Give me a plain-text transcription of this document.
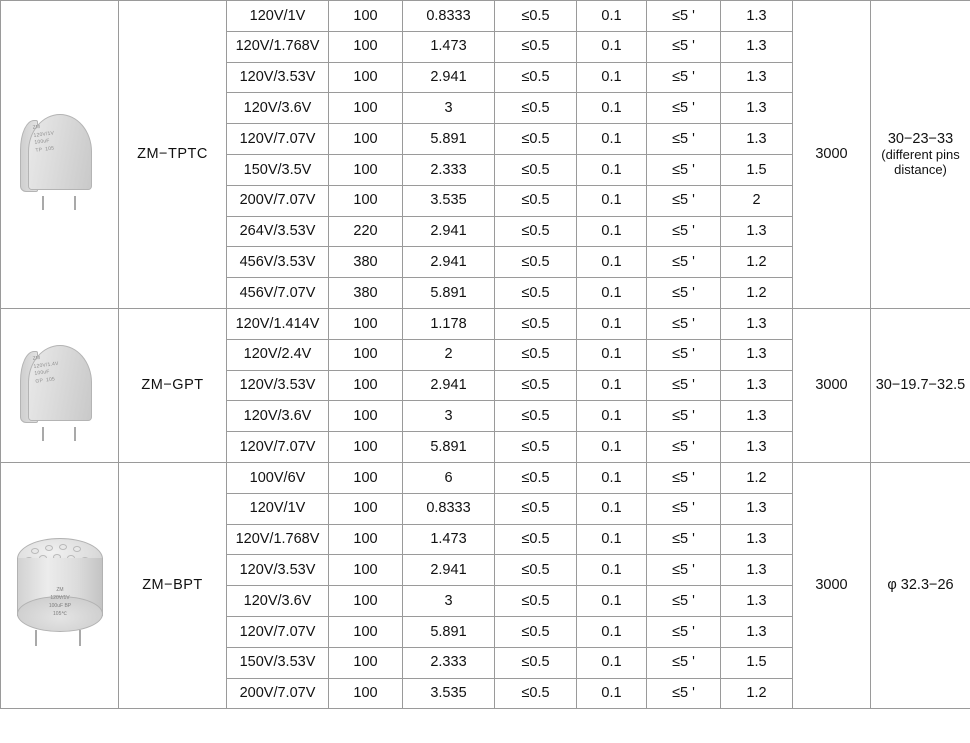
ZM
120V/1V
100uF
TP  105	ZM−TPTC	120V/1V	100	0.8333	≤0.5	0.1	≤5 '	1.3	3000	30−23−33
(different pins distance)

		120V/1.768V	100	1.473	≤0.5	0.1	≤5 '	1.3		
		120V/3.53V	100	2.941	≤0.5	0.1	≤5 '	1.3		
		120V/3.6V	100	3	≤0.5	0.1	≤5 '	1.3		
		120V/7.07V	100	5.891	≤0.5	0.1	≤5 '	1.3		
		150V/3.5V	100	2.333	≤0.5	0.1	≤5 '	1.5		
		200V/7.07V	100	3.535	≤0.5	0.1	≤5 '	2		
		264V/3.53V	220	2.941	≤0.5	0.1	≤5 '	1.3		
		456V/3.53V	380	2.941	≤0.5	0.1	≤5 '	1.2		
		456V/7.07V	380	5.891	≤0.5	0.1	≤5 '	1.2		

ZM
120V/1.4V
100uF
GP  105	ZM−GPT	120V/1.414V	100	1.178	≤0.5	0.1	≤5 '	1.3	3000	30−19.7−32.5
		120V/2.4V	100	2	≤0.5	0.1	≤5 '	1.3		
		120V/3.53V	100	2.941	≤0.5	0.1	≤5 '	1.3		
		120V/3.6V	100	3	≤0.5	0.1	≤5 '	1.3		
		120V/7.07V	100	5.891	≤0.5	0.1	≤5 '	1.3		

ZM
120V/1V
100uF BP
105℃	ZM−BPT	100V/6V	100	6	≤0.5	0.1	≤5 '	1.2	3000	φ 32.3−26
		120V/1V	100	0.8333	≤0.5	0.1	≤5 '	1.3		
		120V/1.768V	100	1.473	≤0.5	0.1	≤5 '	1.3		
		120V/3.53V	100	2.941	≤0.5	0.1	≤5 '	1.3		
		120V/3.6V	100	3	≤0.5	0.1	≤5 '	1.3		
		120V/7.07V	100	5.891	≤0.5	0.1	≤5 '	1.3		
		150V/3.53V	100	2.333	≤0.5	0.1	≤5 '	1.5		
		200V/7.07V	100	3.535	≤0.5	0.1	≤5 '	1.2		
